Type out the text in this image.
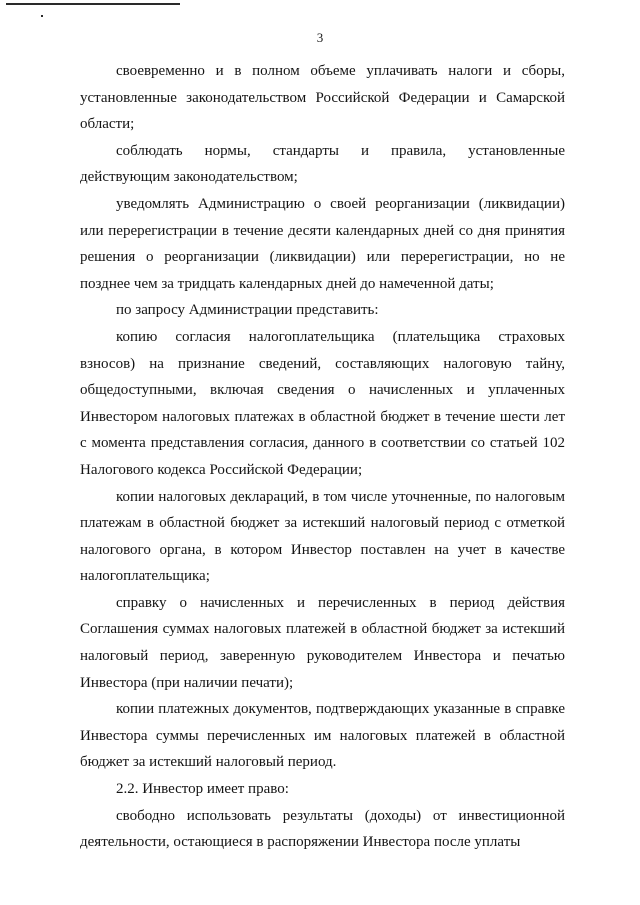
3

своевременно и в полном объеме уплачивать налоги и сборы, установленные законодательством Российской Федерации и Самарской области;

соблюдать нормы, стандарты и правила, установленные действующим законодательством;

уведомлять Администрацию о своей реорганизации (ликвидации) или перерегистрации в течение десяти календарных дней со дня принятия решения о реорганизации (ликвидации) или перерегистрации, но не позднее чем за тридцать календарных дней до намеченной даты;

по запросу Администрации представить:

копию согласия налогоплательщика (плательщика страховых взносов) на признание сведений, составляющих налоговую тайну, общедоступными, включая сведения о начисленных и уплаченных Инвестором налоговых платежах в областной бюджет в течение шести лет с момента представления согласия, данного в соответствии со статьей 102 Налогового кодекса Российской Федерации;

копии налоговых деклараций, в том числе уточненные, по налоговым платежам в областной бюджет за истекший налоговый период с отметкой налогового органа, в котором Инвестор поставлен на учет в качестве налогоплательщика;

справку о начисленных и перечисленных в период действия Соглашения суммах налоговых платежей в областной бюджет за истекший налоговый период, заверенную руководителем Инвестора и печатью Инвестора (при наличии печати);

копии платежных документов, подтверждающих указанные в справке Инвестора суммы перечисленных им налоговых платежей в областной бюджет за истекший налоговый период.

2.2. Инвестор имеет право:

свободно использовать результаты (доходы) от инвестиционной деятельности, остающиеся в распоряжении Инвестора после уплаты
